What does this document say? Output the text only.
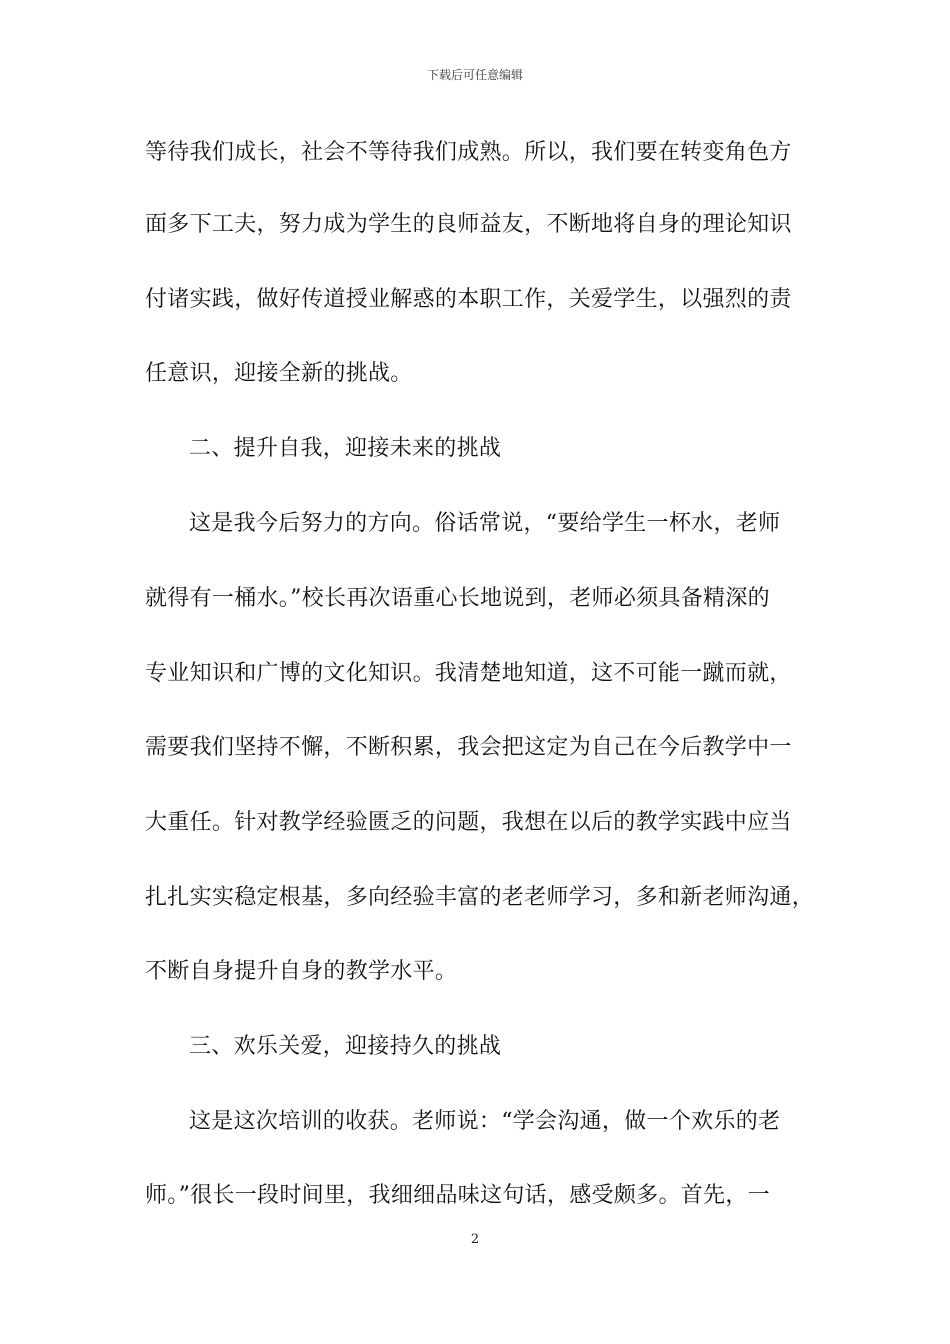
下载后可任意编辑
等待我们成长，社会不等待我们成熟。所以，我们要在转变角色方
面多下工夫，努力成为学生的良师益友，不断地将自身的理论知识
付诸实践，做好传道授业解惑的本职工作，关爱学生，以强烈的责
任意识，迎接全新的挑战。
二、提升自我，迎接未来的挑战
这是我今后努力的方向。俗话常说，“要给学生一杯水，老师
就得有一桶水。”校长再次语重心长地说到，老师必须具备精深的
专业知识和广博的文化知识。我清楚地知道，这不可能一蹴而就，
需要我们坚持不懈，不断积累，我会把这定为自己在今后教学中一
大重任。针对教学经验匮乏的问题，我想在以后的教学实践中应当
扎扎实实稳定根基，多向经验丰富的老老师学习，多和新老师沟通，
不断自身提升自身的教学水平。
三、欢乐关爱，迎接持久的挑战
这是这次培训的收获。老师说：“学会沟通，做一个欢乐的老
师。”很长一段时间里，我细细品味这句话，感受颇多。首先，一
2
